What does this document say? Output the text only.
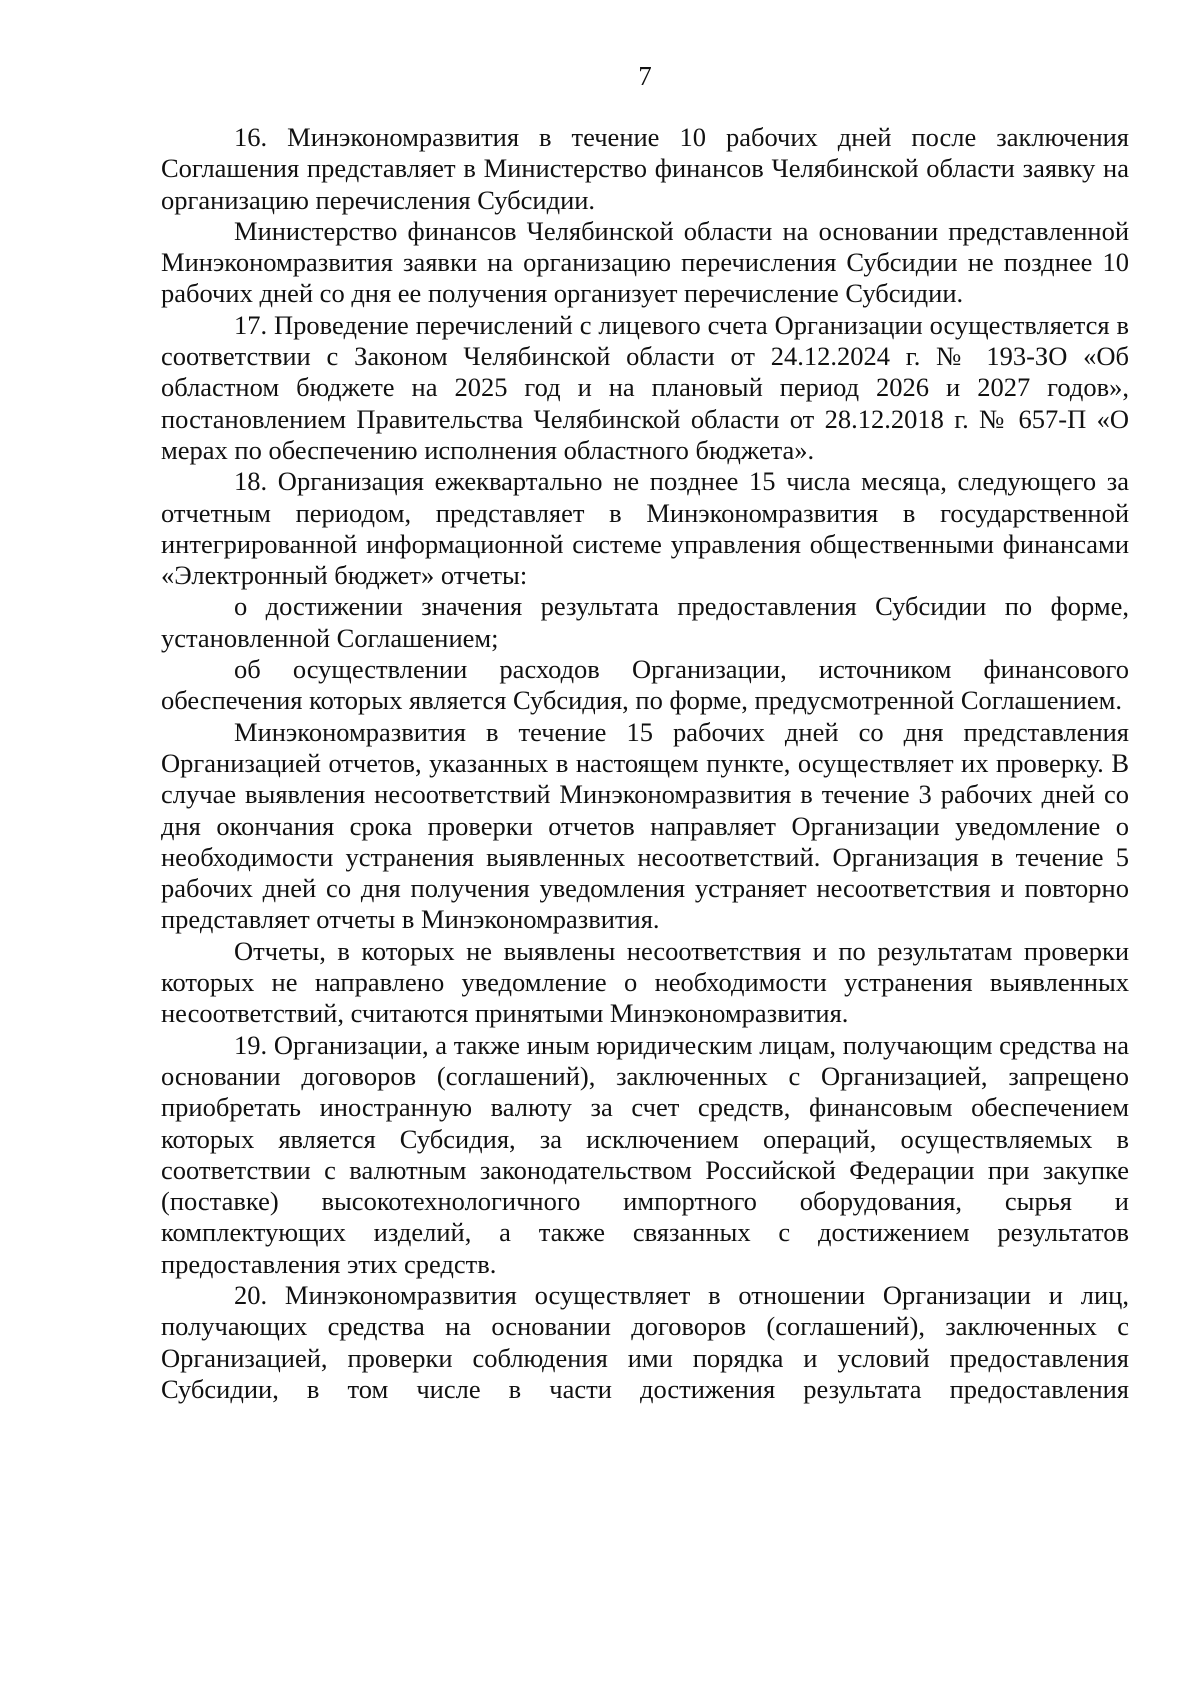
7

16. Минэкономразвития в течение 10 рабочих дней после заключения Соглашения представляет в Министерство финансов Челябинской области заявку на организацию перечисления Субсидии.

Министерство финансов Челябинской области на основании представленной Минэкономразвития заявки на организацию перечисления Субсидии не позднее 10 рабочих дней со дня ее получения организует перечисление Субсидии.

17. Проведение перечислений с лицевого счета Организации осуществляется в соответствии с Законом Челябинской области от 24.12.2024 г. № 193-ЗО «Об областном бюджете на 2025 год и на плановый период 2026 и 2027 годов», постановлением Правительства Челябинской области от 28.12.2018 г. № 657-П «О мерах по обеспечению исполнения областного бюджета».

18. Организация ежеквартально не позднее 15 числа месяца, следующего за отчетным периодом, представляет в Минэкономразвития в государственной интегрированной информационной системе управления общественными финансами «Электронный бюджет» отчеты:

о достижении значения результата предоставления Субсидии по форме, установленной Соглашением;

об осуществлении расходов Организации, источником финансового обеспечения которых является Субсидия, по форме, предусмотренной Соглашением.

Минэкономразвития в течение 15 рабочих дней со дня представления Организацией отчетов, указанных в настоящем пункте, осуществляет их проверку. В случае выявления несоответствий Минэкономразвития в течение 3 рабочих дней со дня окончания срока проверки отчетов направляет Организации уведомление о необходимости устранения выявленных несоответствий. Организация в течение 5 рабочих дней со дня получения уведомления устраняет несоответствия и повторно представляет отчеты в Минэкономразвития.

Отчеты, в которых не выявлены несоответствия и по результатам проверки которых не направлено уведомление о необходимости устранения выявленных несоответствий, считаются принятыми Минэкономразвития.

19. Организации, а также иным юридическим лицам, получающим средства на основании договоров (соглашений), заключенных с Организацией, запрещено приобретать иностранную валюту за счет средств, финансовым обеспечением которых является Субсидия, за исключением операций, осуществляемых в соответствии с валютным законодательством Российской Федерации при закупке (поставке) высокотехнологичного импортного оборудования, сырья и комплектующих изделий, а также связанных с достижением результатов предоставления этих средств.

20. Минэкономразвития осуществляет в отношении Организации и лиц, получающих средства на основании договоров (соглашений), заключенных с Организацией, проверки соблюдения ими порядка и условий предоставления Субсидии, в том числе в части достижения результата предоставления
